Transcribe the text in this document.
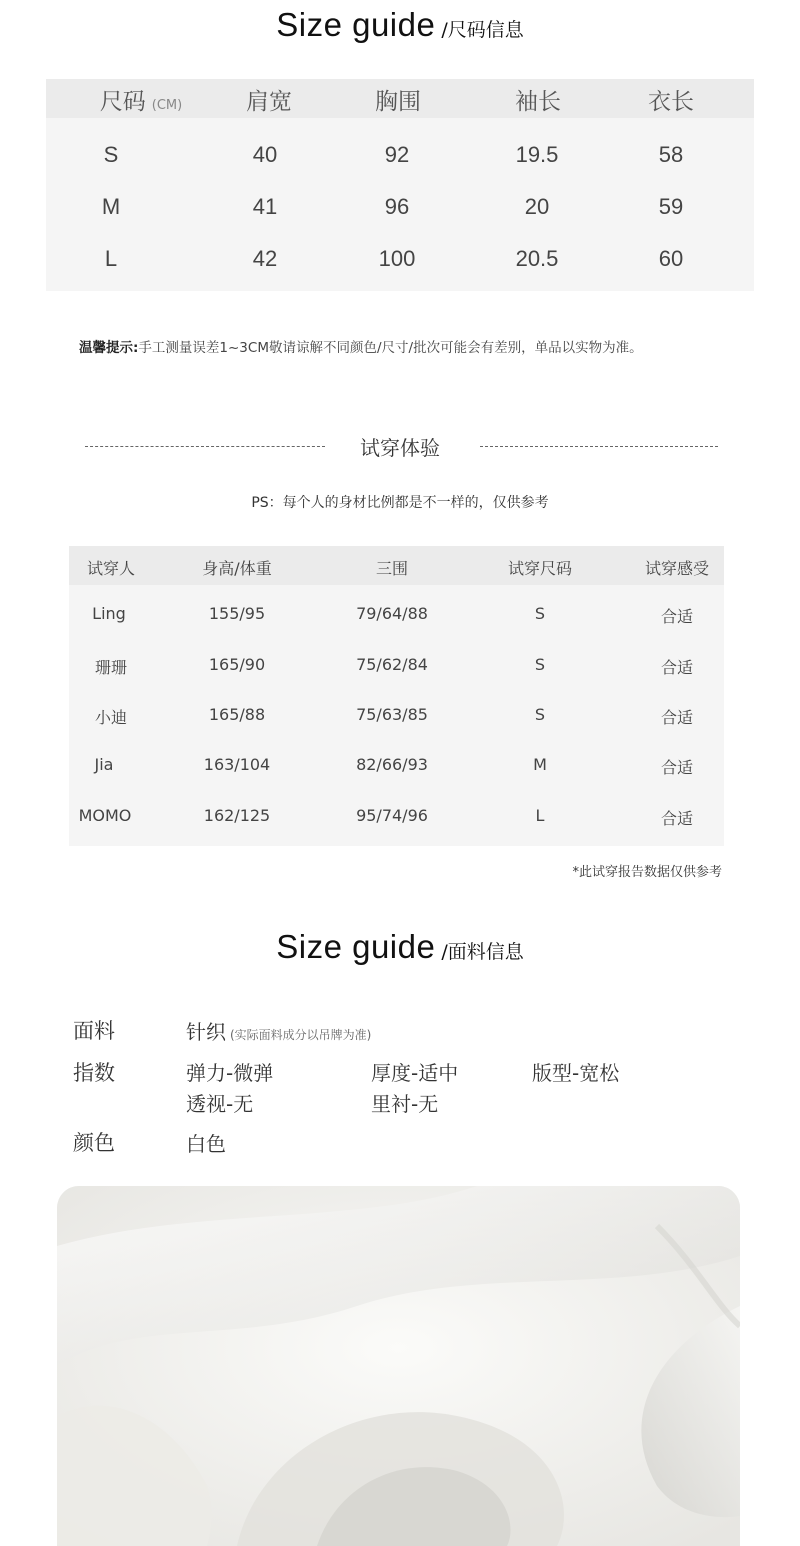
Size guide /尺码信息
尺码 (CM)	肩宽	胸围	袖长	衣长
S	40	92	19.5	58
M	41	96	20	59
L	42	100	20.5	60
温馨提示:手工测量误差1~3CM敬请谅解不同颜色/尺寸/批次可能会有差别，单品以实物为准。
试穿体验
PS：每个人的身材比例都是不一样的，仅供参考
试穿人	身高/体重	三围	试穿尺码	试穿感受
Ling	155/95	79/64/88	S	合适
珊珊	165/90	75/62/84	S	合适
小迪	165/88	75/63/85	S	合适
Jia	163/104	82/66/93	M	合适
MOMO	162/125	95/74/96	L	合适
*此试穿报告数据仅供参考
Size guide /面料信息
面料	针织 (实际面料成分以吊牌为准)
指数	弹力-微弹	厚度-适中	版型-宽松
透视-无	里衬-无
颜色	白色
